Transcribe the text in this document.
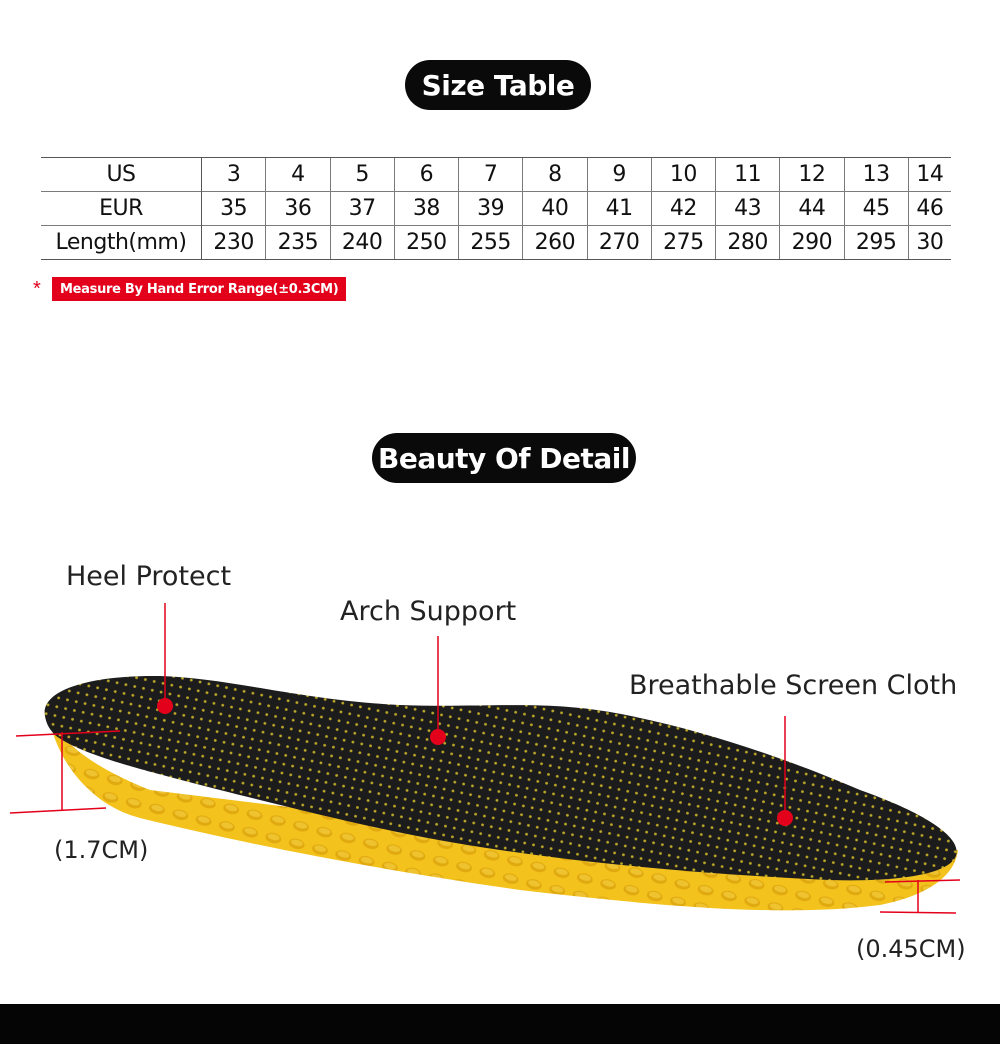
Size Table
US	3	4	5	6	7	8	9	10	11	12	13	14
EUR	35	36	37	38	39	40	41	42	43	44	45	46
Length(mm)	230	235	240	250	255	260	270	275	280	290	295	30
*	Measure By Hand Error Range(±0.3CM)
Beauty Of Detail
Heel Protect
Arch Support
Breathable Screen Cloth
(1.7CM)
(0.45CM)
